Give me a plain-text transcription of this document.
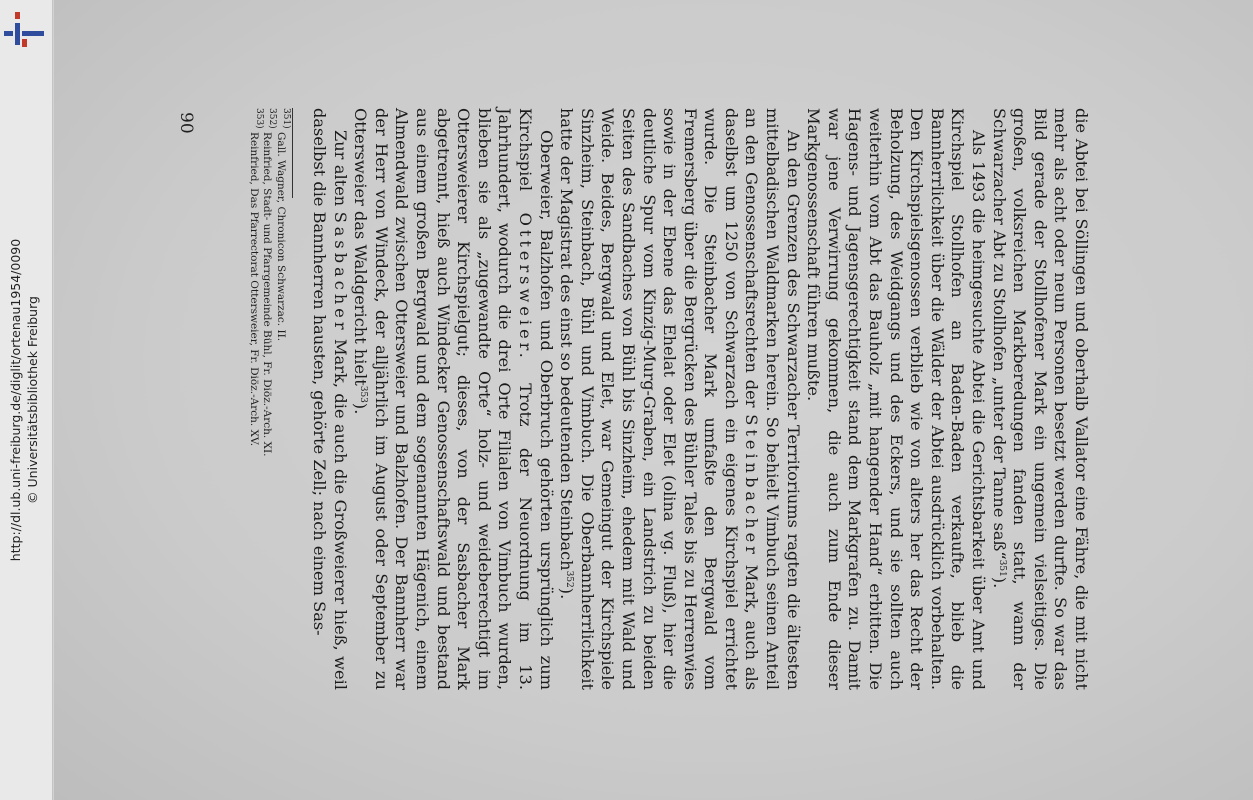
http://dl.ub.uni-freiburg.de/diglit/ortenau1954/0090 © Universitätsbibliothek Freiburg	die Abtei bei Söllingen und oberhalb Vallator eine Fähre, die mit nicht mehr als acht oder neun Personen besetzt werden durfte. So war das Bild gerade der Stollhofener Mark ein ungemein vielseitiges. Die großen, volksreichen Markberedungen fanden statt, wann der Schwarzacher Abt zu Stollhofen „unter der Tanne saß“$^{351}$).

Als 1493 die heimgesuchte Abtei die Gerichtsbarkeit über Amt und Kirchspiel Stollhofen an Baden-Baden verkaufte, blieb die Bannherrlichkeit über die Wälder der Abtei ausdrücklich vorbehalten. Den Kirchspielsgenossen verblieb wie von alters her das Recht der Beholzung, des Weidgangs und des Eckers, und sie sollten auch weiterhin vom Abt das Bauholz „mit hangender Hand“ erbitten. Die Hagens- und Jagensgerechtigkeit stand dem Markgrafen zu. Damit war jene Verwirrung gekommen, die auch zum Ende dieser Markgenossenschaft führen mußte.

An den Grenzen des Schwarzacher Territoriums ragten die ältesten mittelbadischen Waldmarken herein. So behielt Vimbuch seinen Anteil an den Genossenschaftsrechten der Steinbacher Mark, auch als daselbst um 1250 von Schwarzach ein eigenes Kirchspiel errichtet wurde. Die Steinbacher Mark umfaßte den Bergwald vom Fremersberg über die Bergrücken des Bühler Tales bis zu Herrenwies sowie in der Ebene das Ehelat oder Elet (olina vg. Fluß), hier die deutliche Spur vom Kinzig-Murg-Graben, ein Landstrich zu beiden Seiten des Sandbaches von Bühl bis Sinzheim, ehedem mit Wald und Weide. Beides, Bergwald und Elet, war Gemeingut der Kirchspiele Sinzheim, Steinbach, Bühl und Vimbuch. Die Oberbannherrlichkeit hatte der Magistrat des einst so bedeutenden Steinbach$^{352}$).

Oberweier, Balzhofen und Oberbruch gehörten ursprünglich zum Kirchspiel Ottersweier. Trotz der Neuordnung im 13. Jahrhundert, wodurch die drei Orte Filialen von Vimbuch wurden, blieben sie als „zugewandte Orte“ holz- und weideberechtigt im Ottersweierer Kirchspielgut; dieses, von der Sasbacher Mark abgetrennt, hieß auch Windecker Genossenschaftswald und bestand aus einem großen Bergwald und dem sogenannten Hägenich, einem Almendwald zwischen Ottersweier und Balzhofen. Der Bannherr war der Herr von Windeck, der alljährlich im August oder September zu Ottersweier das Waldgericht hielt$^{353}$).

Zur alten Sasbacher Mark, die auch die Großweierer hieß, weil daselbst die Bannherren hausten, gehörte Zell; nach einem Sas-

$^{351)}$ Gall. Wagner, Chronicon Schwarzac. II.
$^{352)}$ Reinfried, Stadt- und Pfarrgemeinde Bühl, Fr. Diöz.-Arch. XI.
$^{353)}$ Reinfried, Das Pfarrectorat Ottersweier, Fr. Diöz.-Arch. XV.
90
